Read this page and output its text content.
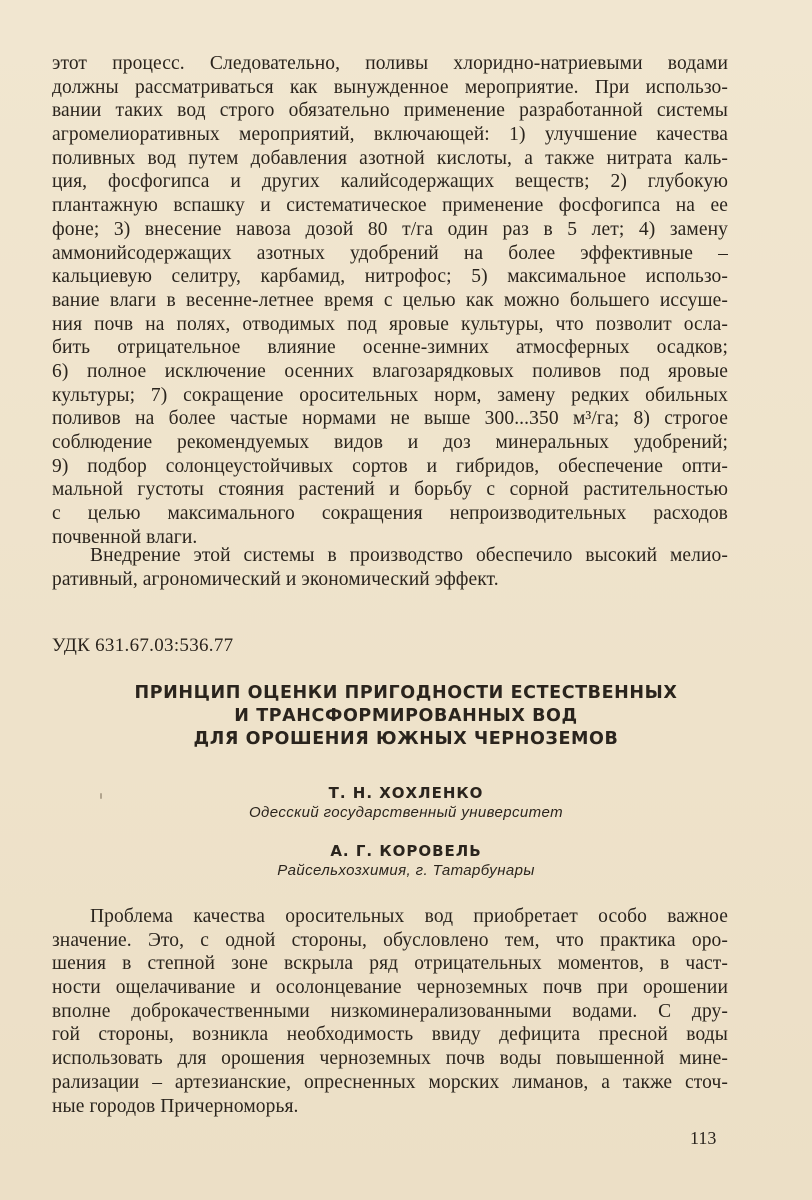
этот процесс. Следовательно, поливы хлоридно-натриевыми водами
должны рассматриваться как вынужденное мероприятие. При использо-
вании таких вод строго обязательно применение разработанной системы
агромелиоративных мероприятий, включающей: 1) улучшение качества
поливных вод путем добавления азотной кислоты, а также нитрата каль-
ция, фосфогипса и других калийсодержащих веществ; 2) глубокую
плантажную вспашку и систематическое применение фосфогипса на ее
фоне; 3) внесение навоза дозой 80 т/га один раз в 5 лет; 4) замену
аммонийсодержащих азотных удобрений на более эффективные –
кальциевую селитру, карбамид, нитрофос; 5) максимальное использо-
вание влаги в весенне-летнее время с целью как можно большего иссуше-
ния почв на полях, отводимых под яровые культуры, что позволит осла-
бить отрицательное влияние осенне-зимних атмосферных осадков;
6) полное исключение осенних влагозарядковых поливов под яровые
культуры; 7) сокращение оросительных норм, замену редких обильных
поливов на более частые нормами не выше 300...350 м³/га; 8) строгое
соблюдение рекомендуемых видов и доз минеральных удобрений;
9) подбор солонцеустойчивых сортов и гибридов, обеспечение опти-
мальной густоты стояния растений и борьбу с сорной растительностью
с целью максимального сокращения непроизводительных расходов
почвенной влаги.
Внедрение этой системы в производство обеспечило высокий мелио-
ративный, агрономический и экономический эффект.
УДК 631.67.03:536.77
ПРИНЦИП ОЦЕНКИ ПРИГОДНОСТИ ЕСТЕСТВЕННЫХ
И ТРАНСФОРМИРОВАННЫХ ВОД
ДЛЯ ОРОШЕНИЯ ЮЖНЫХ ЧЕРНОЗЕМОВ
Т. Н. ХОХЛЕНКО
Одесский государственный университет
А. Г. КОРОВЕЛЬ
Райсельхозхимия, г. Татарбунары
Проблема качества оросительных вод приобретает особо важное
значение. Это, с одной стороны, обусловлено тем, что практика оро-
шения в степной зоне вскрыла ряд отрицательных моментов, в част-
ности ощелачивание и осолонцевание черноземных почв при орошении
вполне доброкачественными низкоминерализованными водами. С дру-
гой стороны, возникла необходимость ввиду дефицита пресной воды
использовать для орошения черноземных почв воды повышенной мине-
рализации – артезианские, опресненных морских лиманов, а также сточ-
ные городов Причерноморья.
113
